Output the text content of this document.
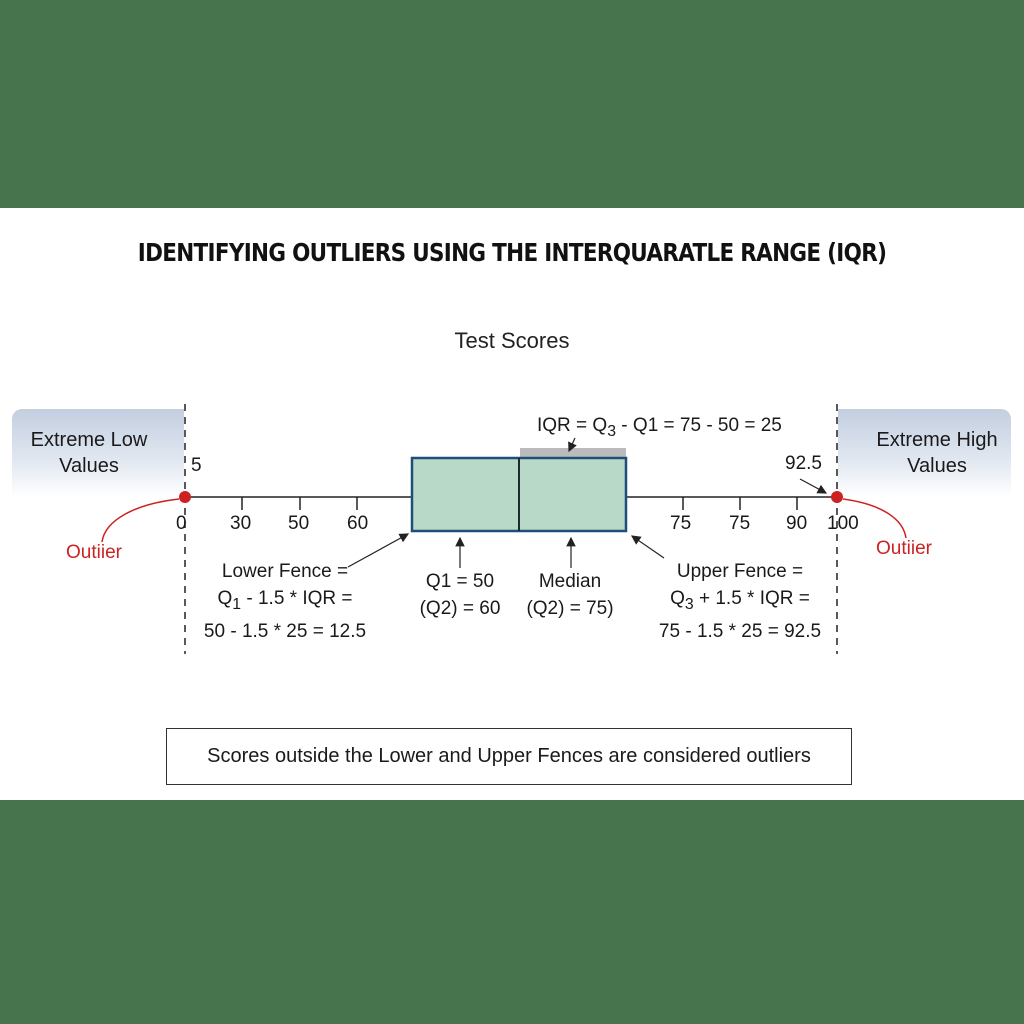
IDENTIFYING OUTLIERS USING THE INTERQUARATLE RANGE (IQR)
Test Scores
Extreme Low
Values
Extreme High
Values
0 30 50 60	75 75 90 100
5	92.5
Outiier	Outiier
IQR = $Q_3 - Q1 = 75 - 50 = 25$
Q1 = 50
(Q2) = 60
Median
(Q2) = 75)
Lower Fence =
$Q_1 - 1.5$ * IQR =
50 - 1.5 * 25 = 12.5
Upper Fence =
$Q_3 + 1.5$ * IQR =
75 - 1.5 * 25 = 92.5
Scores outside the Lower and Upper Fences are considered outliers
